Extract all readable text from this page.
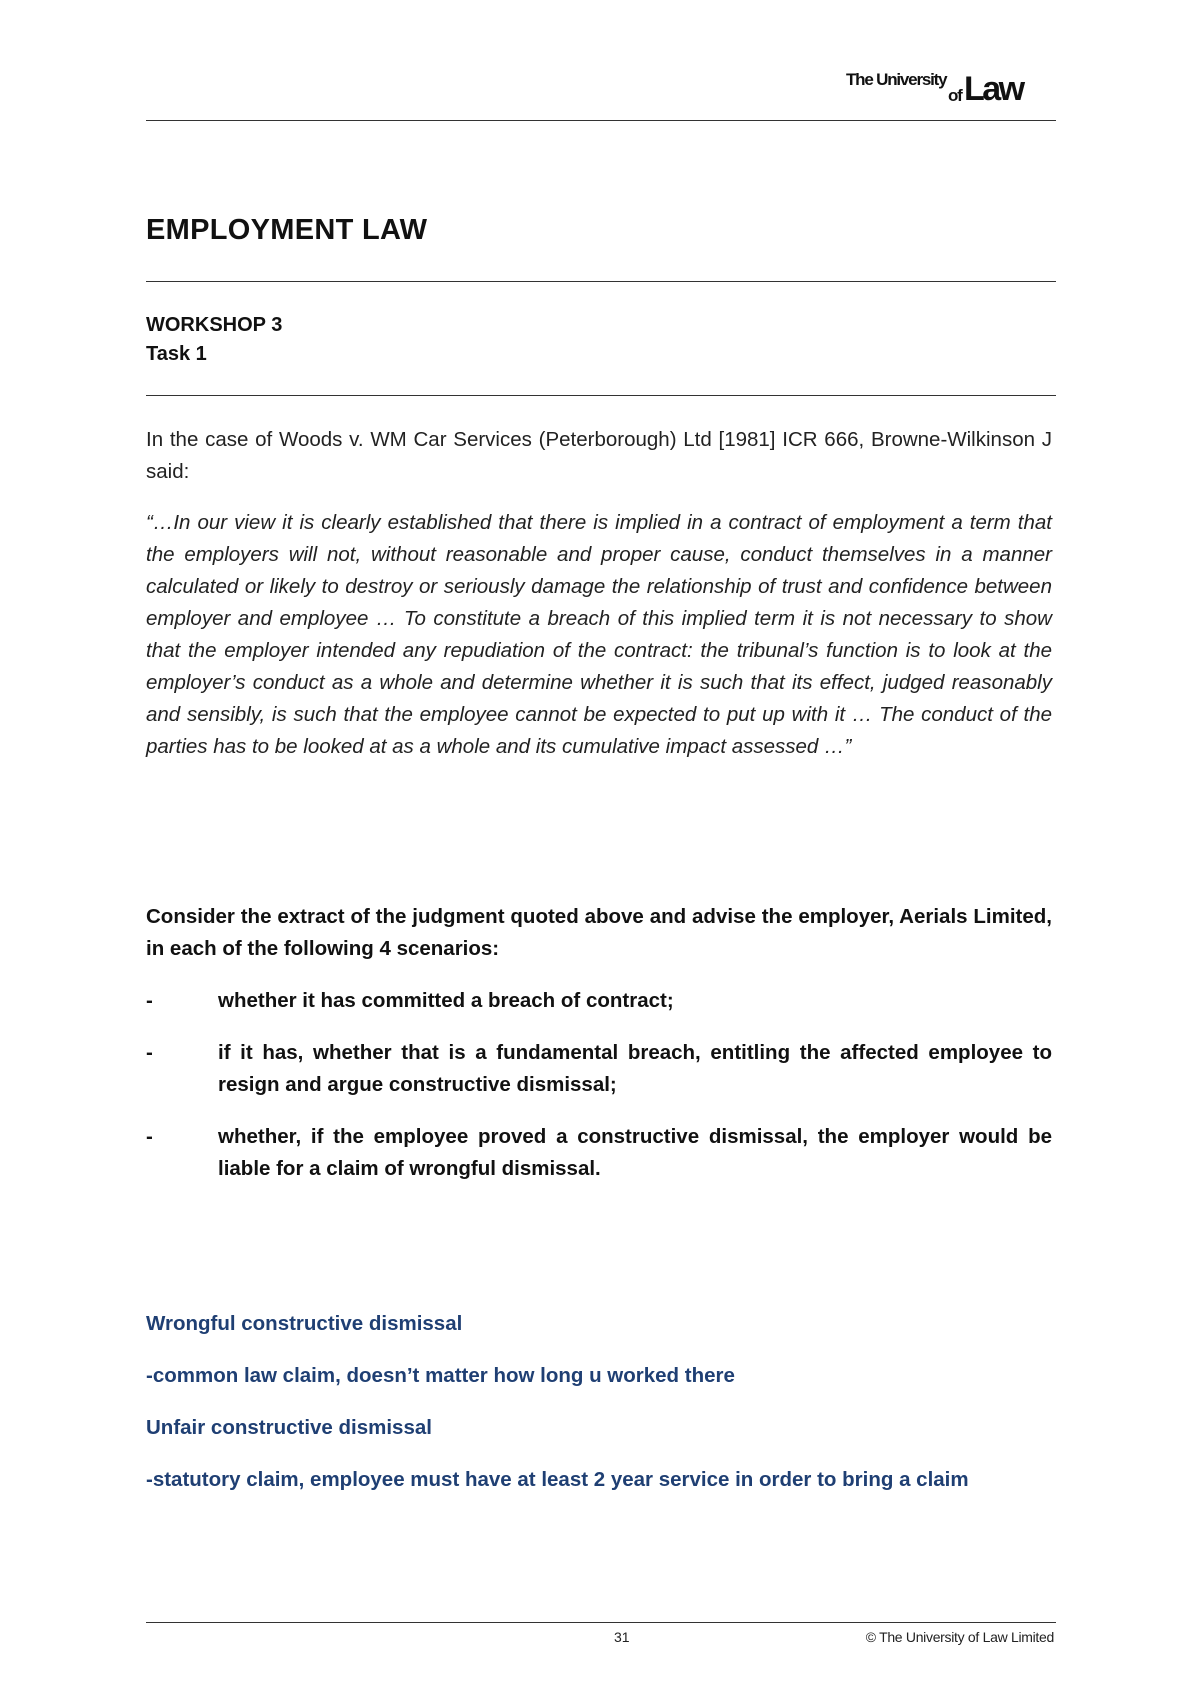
The University
of Law
EMPLOYMENT LAW
WORKSHOP 3
Task 1

In the case of Woods v. WM Car Services (Peterborough) Ltd [1981] ICR 666, Browne-Wilkinson J said:

“…In our view it is clearly established that there is implied in a contract of employment a term that the employers will not, without reasonable and proper cause, conduct themselves in a manner calculated or likely to destroy or seriously damage the relationship of trust and confidence between employer and employee … To constitute a breach of this implied term it is not necessary to show that the employer intended any repudiation of the contract: the tribunal’s function is to look at the employer’s conduct as a whole and determine whether it is such that its effect, judged reasonably and sensibly, is such that the employee cannot be expected to put up with it … The conduct of the parties has to be looked at as a whole and its cumulative impact assessed …”

Consider the extract of the judgment quoted above and advise the employer, Aerials Limited, in each of the following 4 scenarios:

-	whether it has committed a breach of contract;
-	if it has, whether that is a fundamental breach, entitling the affected employee to resign and argue constructive dismissal;
-	whether, if the employee proved a constructive dismissal, the employer would be liable for a claim of wrongful dismissal.

Wrongful constructive dismissal

-common law claim, doesn’t matter how long u worked there

Unfair constructive dismissal

-statutory claim, employee must have at least 2 year service in order to bring a claim

31	© The University of Law Limited
